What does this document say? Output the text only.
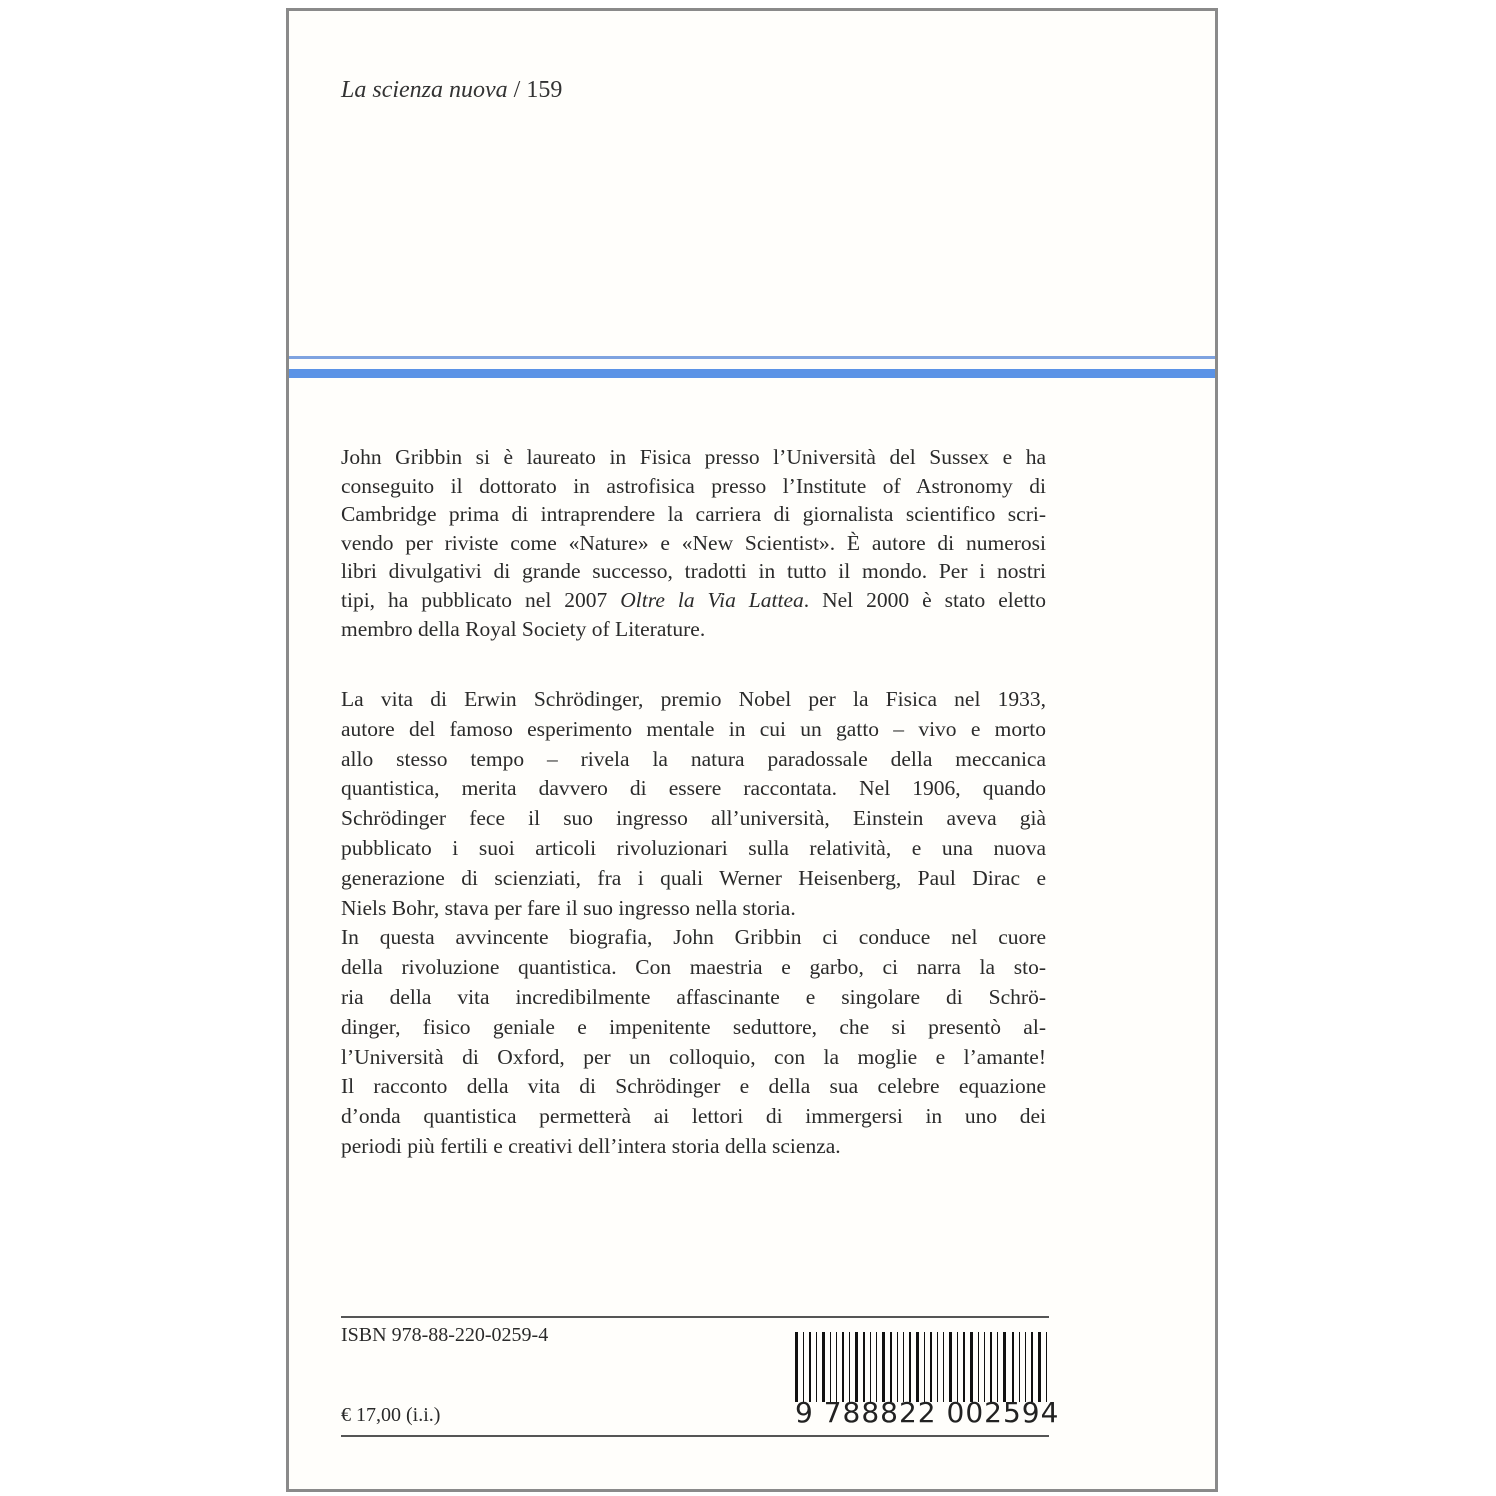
La scienza nuova / 159
John Gribbin si è laureato in Fisica presso l’Università del Sussex e ha
conseguito il dottorato in astrofisica presso l’Institute of Astronomy di
Cambridge prima di intraprendere la carriera di giornalista scientifico scri-
vendo per riviste come «Nature» e «New Scientist». È autore di numerosi
libri divulgativi di grande successo, tradotti in tutto il mondo. Per i nostri
tipi, ha pubblicato nel 2007 Oltre la Via Lattea. Nel 2000 è stato eletto
membro della Royal Society of Literature.
La vita di Erwin Schrödinger, premio Nobel per la Fisica nel 1933,
autore del famoso esperimento mentale in cui un gatto – vivo e morto
allo stesso tempo – rivela la natura paradossale della meccanica
quantistica, merita davvero di essere raccontata. Nel 1906, quando
Schrödinger fece il suo ingresso all’università, Einstein aveva già
pubblicato i suoi articoli rivoluzionari sulla relatività, e una nuova
generazione di scienziati, fra i quali Werner Heisenberg, Paul Dirac e
Niels Bohr, stava per fare il suo ingresso nella storia.
In questa avvincente biografia, John Gribbin ci conduce nel cuore
della rivoluzione quantistica. Con maestria e garbo, ci narra la sto-
ria della vita incredibilmente affascinante e singolare di Schrö-
dinger, fisico geniale e impenitente seduttore, che si presentò al-
l’Università di Oxford, per un colloquio, con la moglie e l’amante!
Il racconto della vita di Schrödinger e della sua celebre equazione
d’onda quantistica permetterà ai lettori di immergersi in uno dei
periodi più fertili e creativi dell’intera storia della scienza.
ISBN 978-88-220-0259-4
€ 17,00 (i.i.)	9 788822 002594
